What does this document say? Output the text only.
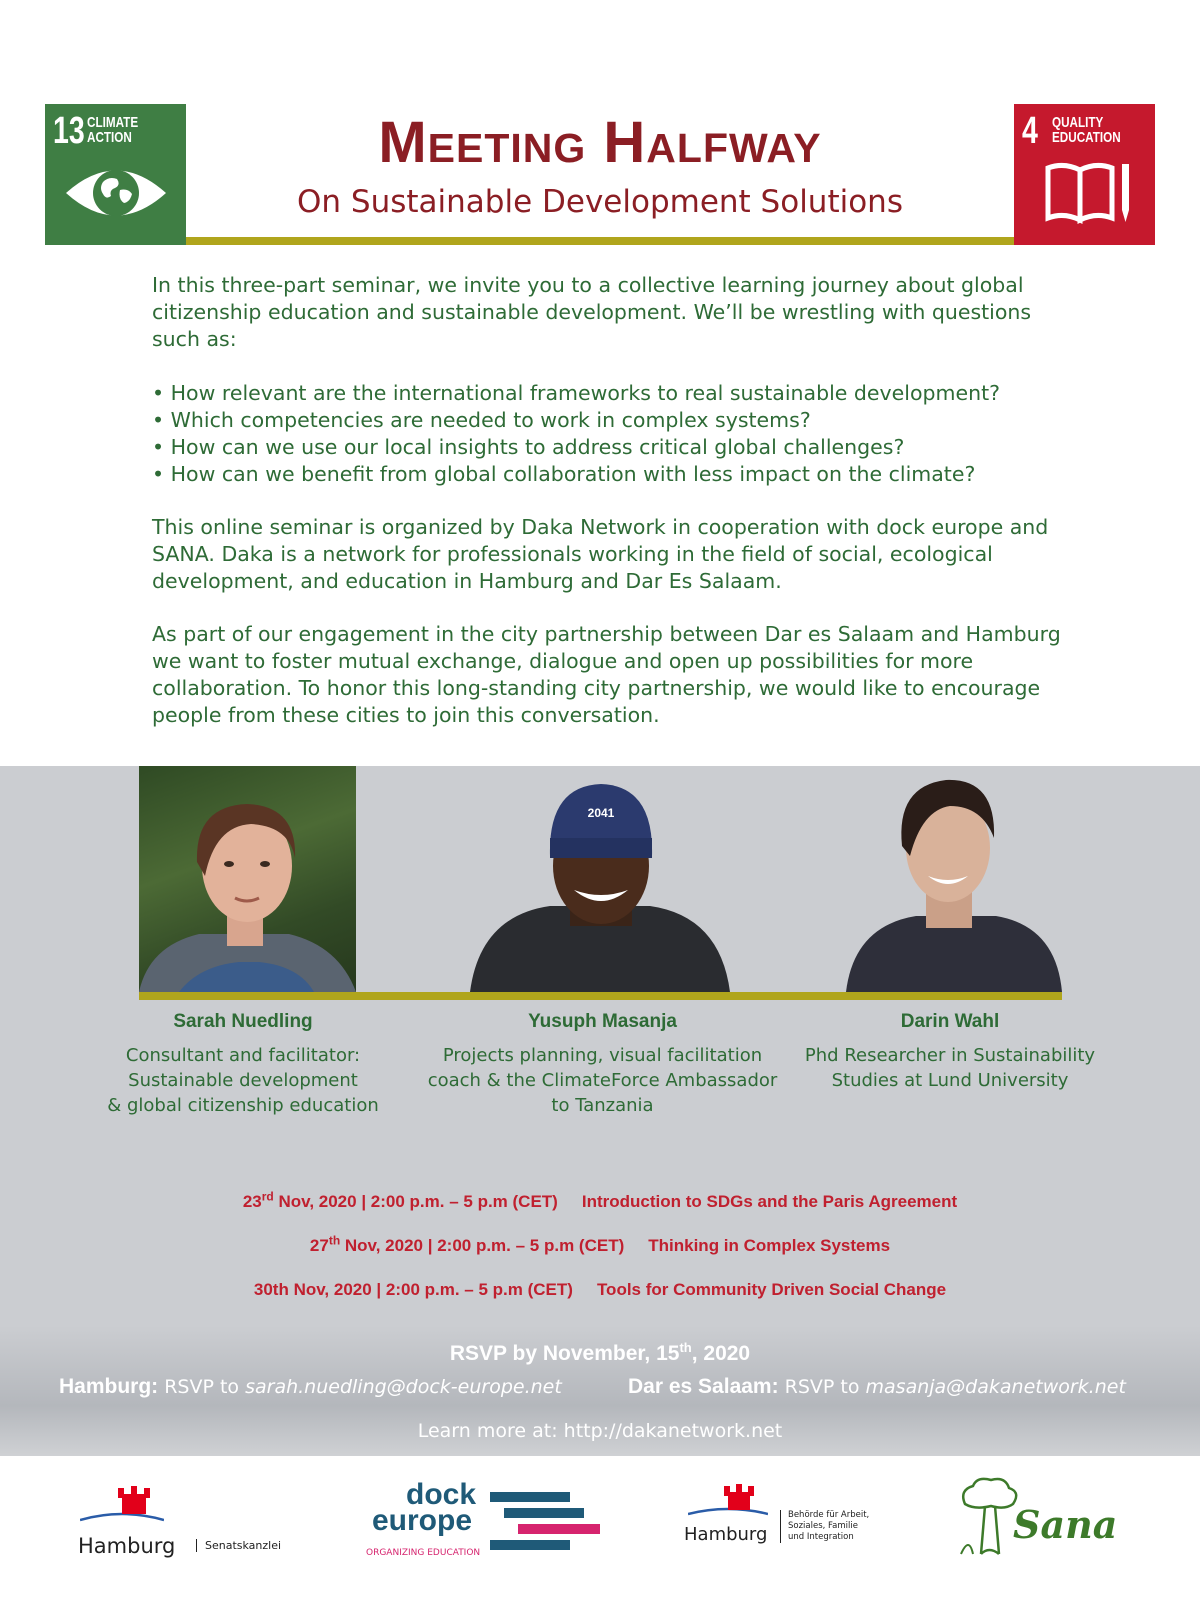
13 CLIMATE
ACTION	4 QUALITY
EDUCATION
Meeting Halfway
On Sustainable Development Solutions
In this three-part seminar, we invite you to a collective learning journey about global citizenship education and sustainable development. We’ll be wrestling with questions such as:
• How relevant are the international frameworks to real sustainable development?
• Which competencies are needed to work in complex systems?
• How can we use our local insights to address critical global challenges?
• How can we benefit from global collaboration with less impact on the climate?
This online seminar is organized by Daka Network in cooperation with dock europe and SANA. Daka is a network for professionals working in the field of social, ecological development, and education in Hamburg and Dar Es Salaam.
As part of our engagement in the city partnership between Dar es Salaam and Hamburg we want to foster mutual exchange, dialogue and open up possibilities for more collaboration. To honor this long-standing city partnership, we would like to encourage people from these cities to join this conversation.
2041
Sarah Nuedling	Yusuph Masanja	Darin Wahl
Consultant and facilitator:
Sustainable development
& global citizenship education
Projects planning, visual facilitation
coach & the ClimateForce Ambassador
to Tanzania
Phd Researcher in Sustainability
Studies at Lund University
23rd Nov, 2020 | 2:00 p.m. – 5 p.m (CET) Introduction to SDGs and the Paris Agreement
27th Nov, 2020 | 2:00 p.m. – 5 p.m (CET) Thinking in Complex Systems
30th Nov, 2020 | 2:00 p.m. – 5 p.m (CET) Tools for Community Driven Social Change
RSVP by November, 15th, 2020
Hamburg: RSVP to sarah.nuedling@dock-europe.net	Dar es Salaam: RSVP to masanja@dakanetwork.net
Learn more at: http://dakanetwork.net
Hamburg	Senatskanzlei
dock
europe
ORGANIZING EDUCATION
Hamburg
Behörde für Arbeit,
Soziales, Familie
und Integration	Sana
